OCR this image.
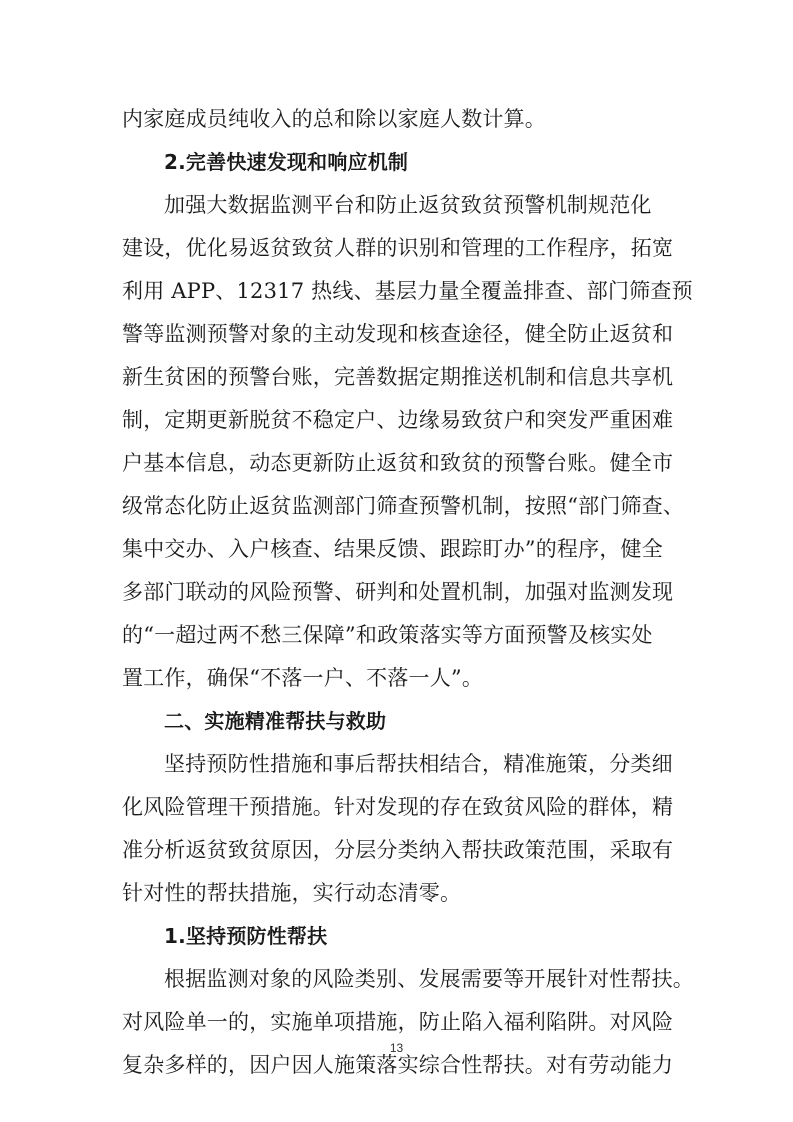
内家庭成员纯收入的总和除以家庭人数计算。
2.完善快速发现和响应机制
加强大数据监测平台和防止返贫致贫预警机制规范化
建设，优化易返贫致贫人群的识别和管理的工作程序，拓宽
利用 APP、12317 热线、基层力量全覆盖排查、部门筛查预
警等监测预警对象的主动发现和核查途径，健全防止返贫和
新生贫困的预警台账，完善数据定期推送机制和信息共享机
制，定期更新脱贫不稳定户、边缘易致贫户和突发严重困难
户基本信息，动态更新防止返贫和致贫的预警台账。健全市
级常态化防止返贫监测部门筛查预警机制，按照“部门筛查、
集中交办、入户核查、结果反馈、跟踪盯办”的程序，健全
多部门联动的风险预警、研判和处置机制，加强对监测发现
的“一超过两不愁三保障”和政策落实等方面预警及核实处
置工作，确保“不落一户、不落一人”。
二、实施精准帮扶与救助
坚持预防性措施和事后帮扶相结合，精准施策，分类细
化风险管理干预措施。针对发现的存在致贫风险的群体，精
准分析返贫致贫原因，分层分类纳入帮扶政策范围，采取有
针对性的帮扶措施，实行动态清零。
1.坚持预防性帮扶
根据监测对象的风险类别、发展需要等开展针对性帮扶。
对风险单一的，实施单项措施，防止陷入福利陷阱。对风险
复杂多样的，因户因人施策落实综合性帮扶。对有劳动能力
13
